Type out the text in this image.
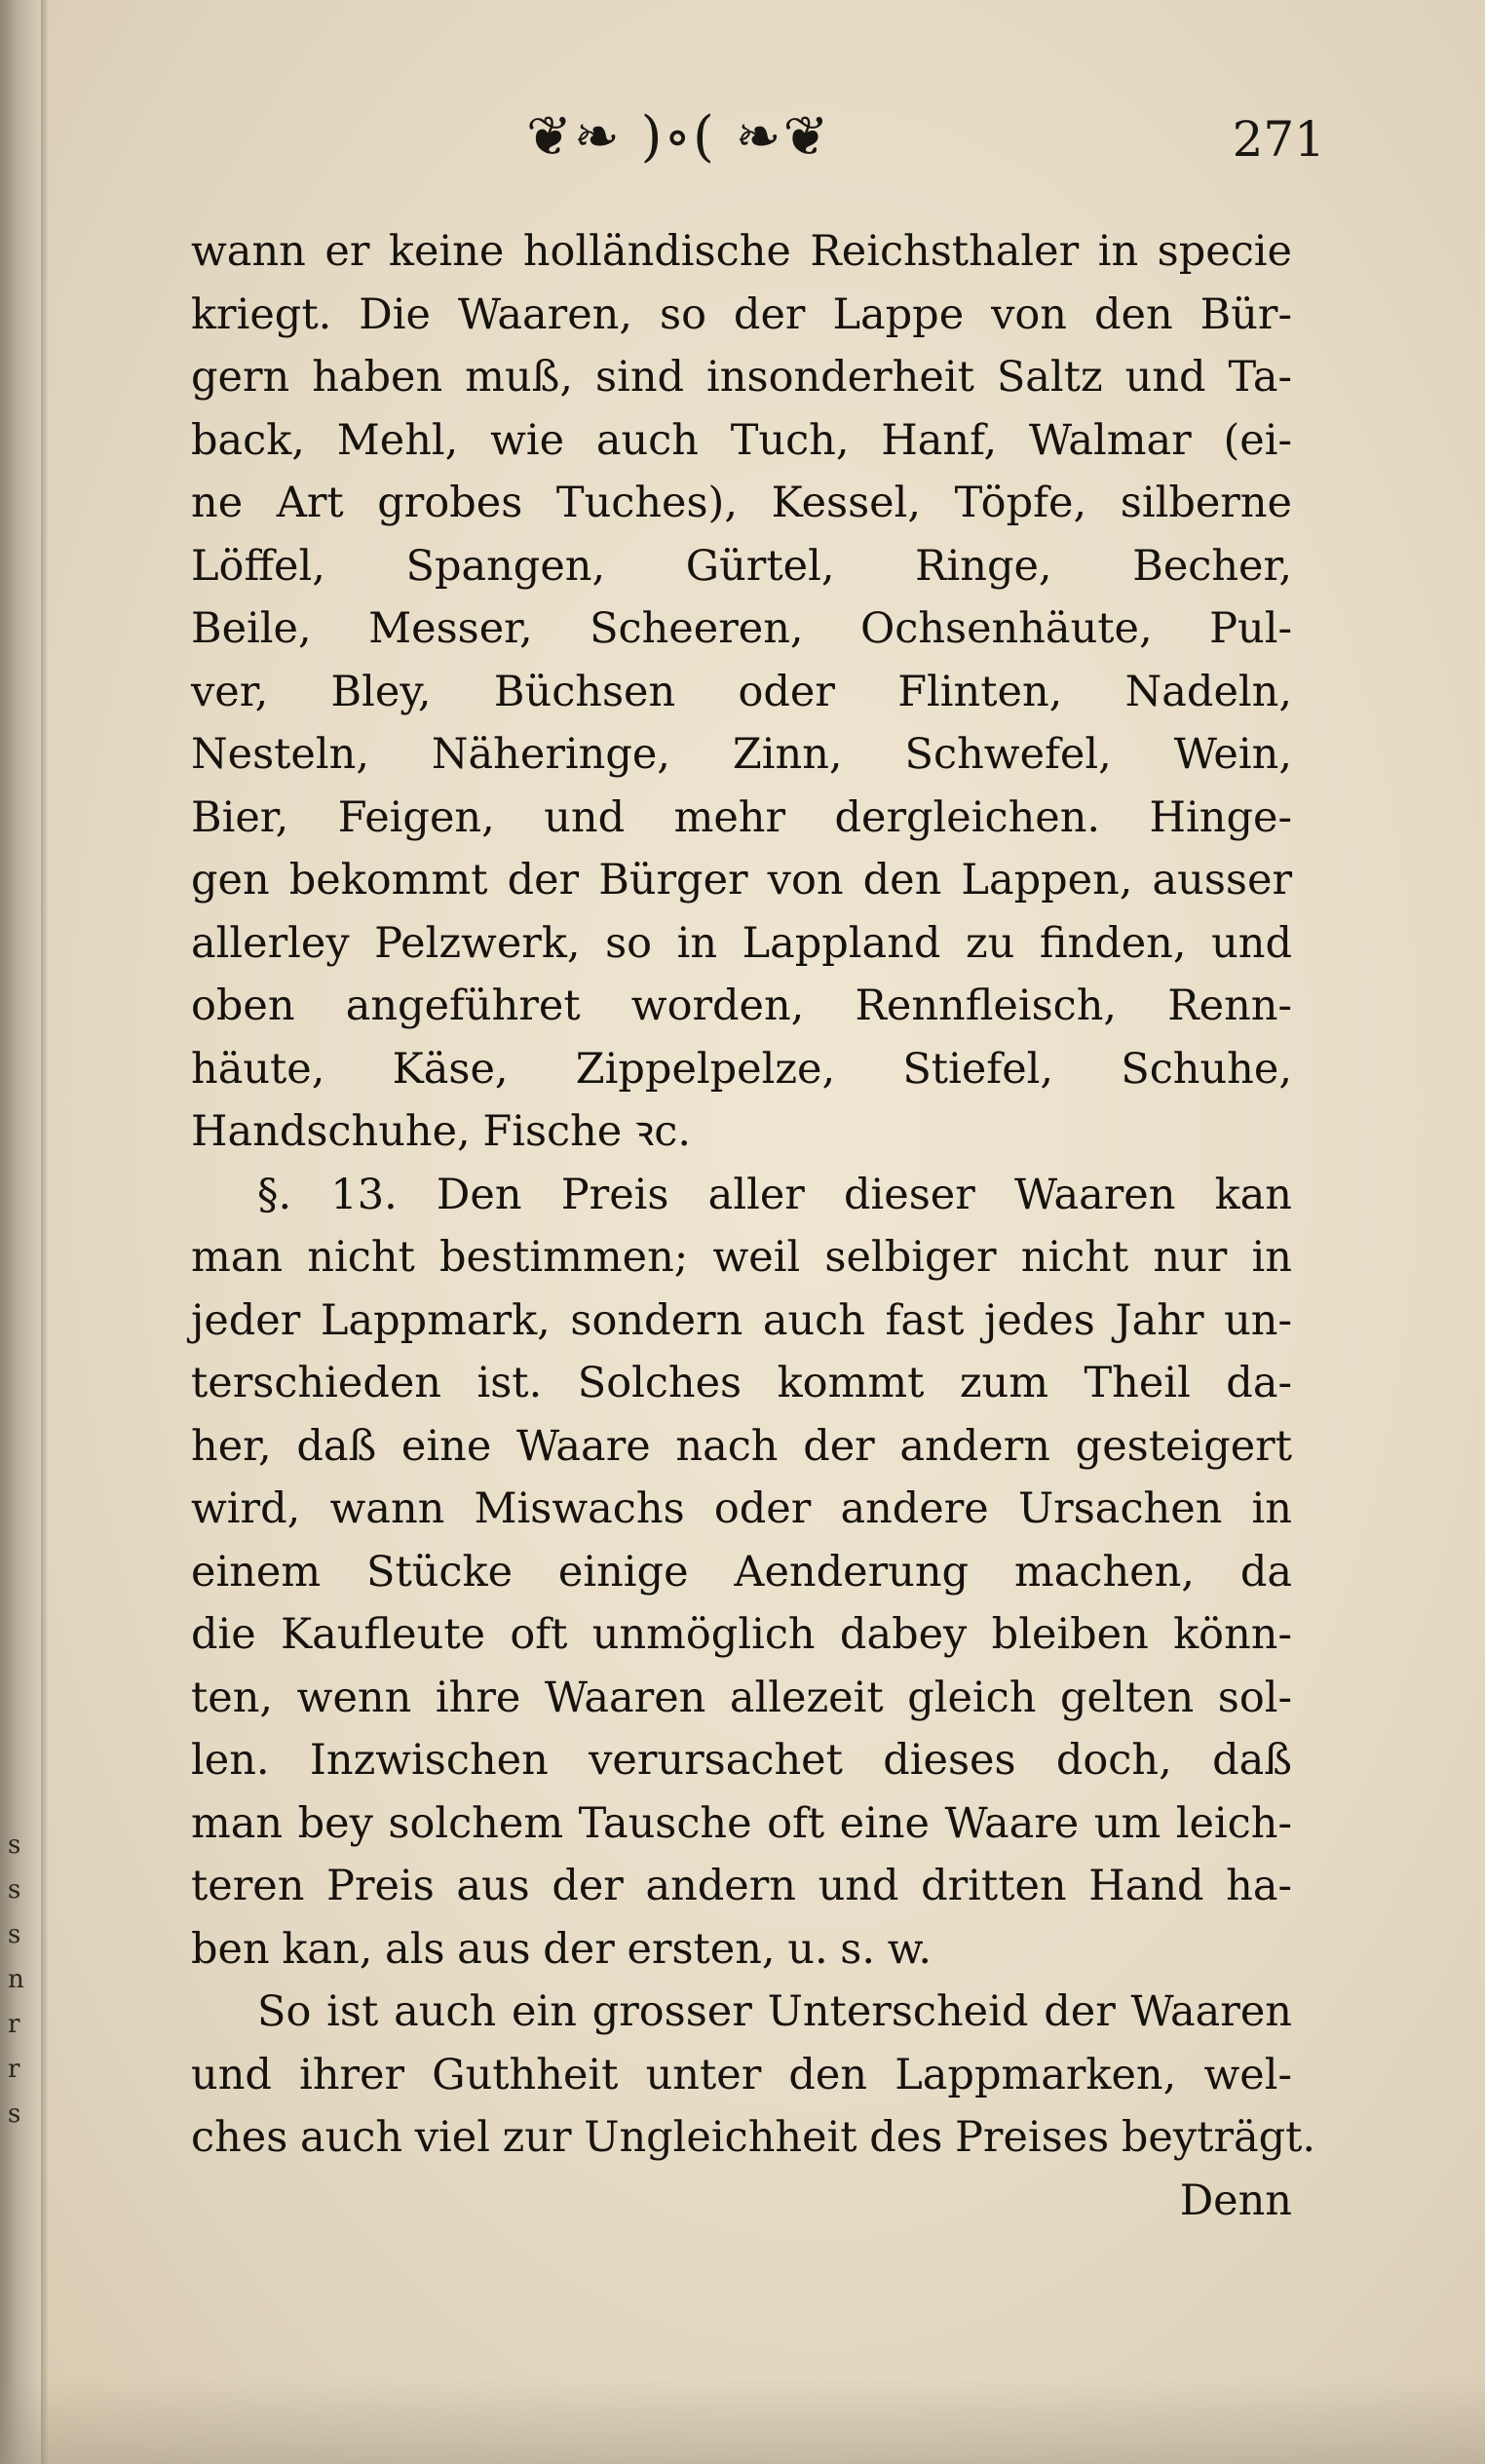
s
s
s
n
r
r
s
❦❧ )∘( ❧❦	271
wann er keine holländische Reichsthaler in specie
kriegt. Die Waaren, so der Lappe von den Bür-
gern haben muß, sind insonderheit Saltz und Ta-
back, Mehl, wie auch Tuch, Hanf, Walmar (ei-
ne Art grobes Tuches), Kessel, Töpfe, silberne
Löffel, Spangen, Gürtel, Ringe, Becher,
Beile, Messer, Scheeren, Ochsenhäute, Pul-
ver, Bley, Büchsen oder Flinten, Nadeln,
Nesteln, Näheringe, Zinn, Schwefel, Wein,
Bier, Feigen, und mehr dergleichen. Hinge-
gen bekommt der Bürger von den Lappen, ausser
allerley Pelzwerk, so in Lappland zu finden, und
oben angeführet worden, Rennfleisch, Renn-
häute, Käse, Zippelpelze, Stiefel, Schuhe,
Handschuhe, Fische ꝛc.
§. 13. Den Preis aller dieser Waaren kan
man nicht bestimmen; weil selbiger nicht nur in
jeder Lappmark, sondern auch fast jedes Jahr un-
terschieden ist. Solches kommt zum Theil da-
her, daß eine Waare nach der andern gesteigert
wird, wann Miswachs oder andere Ursachen in
einem Stücke einige Aenderung machen, da
die Kaufleute oft unmöglich dabey bleiben könn-
ten, wenn ihre Waaren allezeit gleich gelten sol-
len. Inzwischen verursachet dieses doch, daß
man bey solchem Tausche oft eine Waare um leich-
teren Preis aus der andern und dritten Hand ha-
ben kan, als aus der ersten, u. s. w.
So ist auch ein grosser Unterscheid der Waaren
und ihrer Guthheit unter den Lappmarken, wel-
ches auch viel zur Ungleichheit des Preises beyträgt.
Denn
